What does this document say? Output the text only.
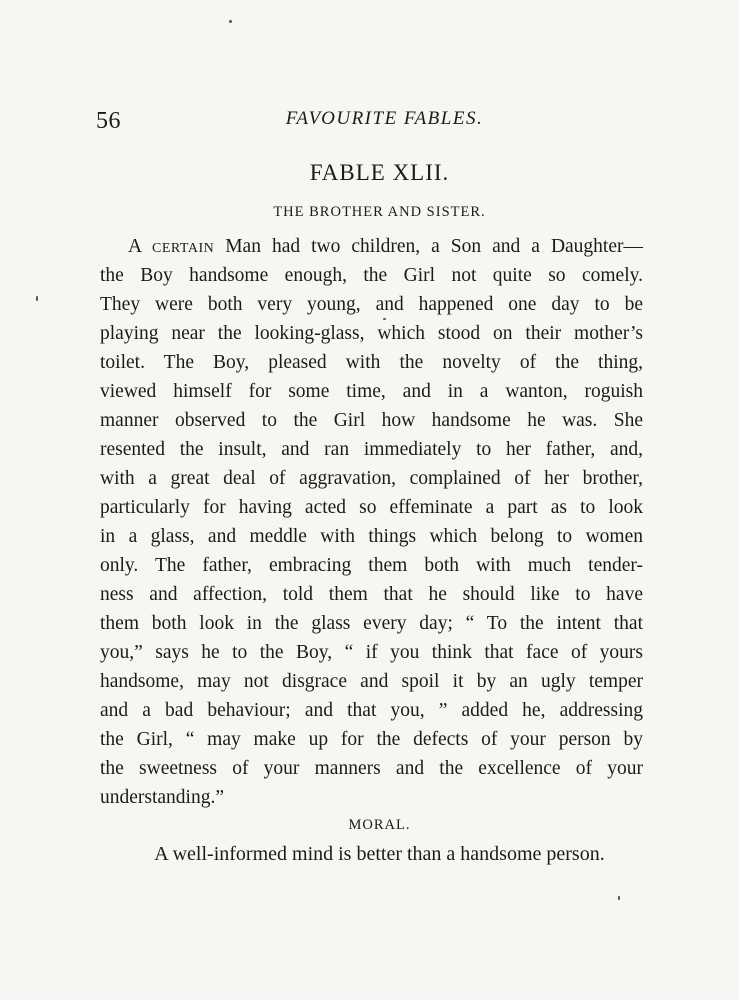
56	FAVOURITE FABLES.
FABLE XLII.
THE BROTHER AND SISTER.
A certain Man had two children, a Son and a Daughter—
the Boy handsome enough, the Girl not quite so comely.
They were both very young, and happened one day to be
playing near the looking-glass, which stood on their mother’s
toilet. The Boy, pleased with the novelty of the thing,
viewed himself for some time, and in a wanton, roguish
manner observed to the Girl how handsome he was. She
resented the insult, and ran immediately to her father, and,
with a great deal of aggravation, complained of her brother,
particularly for having acted so effeminate a part as to look
in a glass, and meddle with things which belong to women
only. The father, embracing them both with much tender-
ness and affection, told them that he should like to have
them both look in the glass every day; “ To the intent that
you,” says he to the Boy, “ if you think that face of yours
handsome, may not disgrace and spoil it by an ugly temper
and a bad behaviour; and that you, ” added he, addressing
the Girl, “ may make up for the defects of your person by
the sweetness of your manners and the excellence of your
understanding.”
MORAL.
A well-informed mind is better than a handsome person.
